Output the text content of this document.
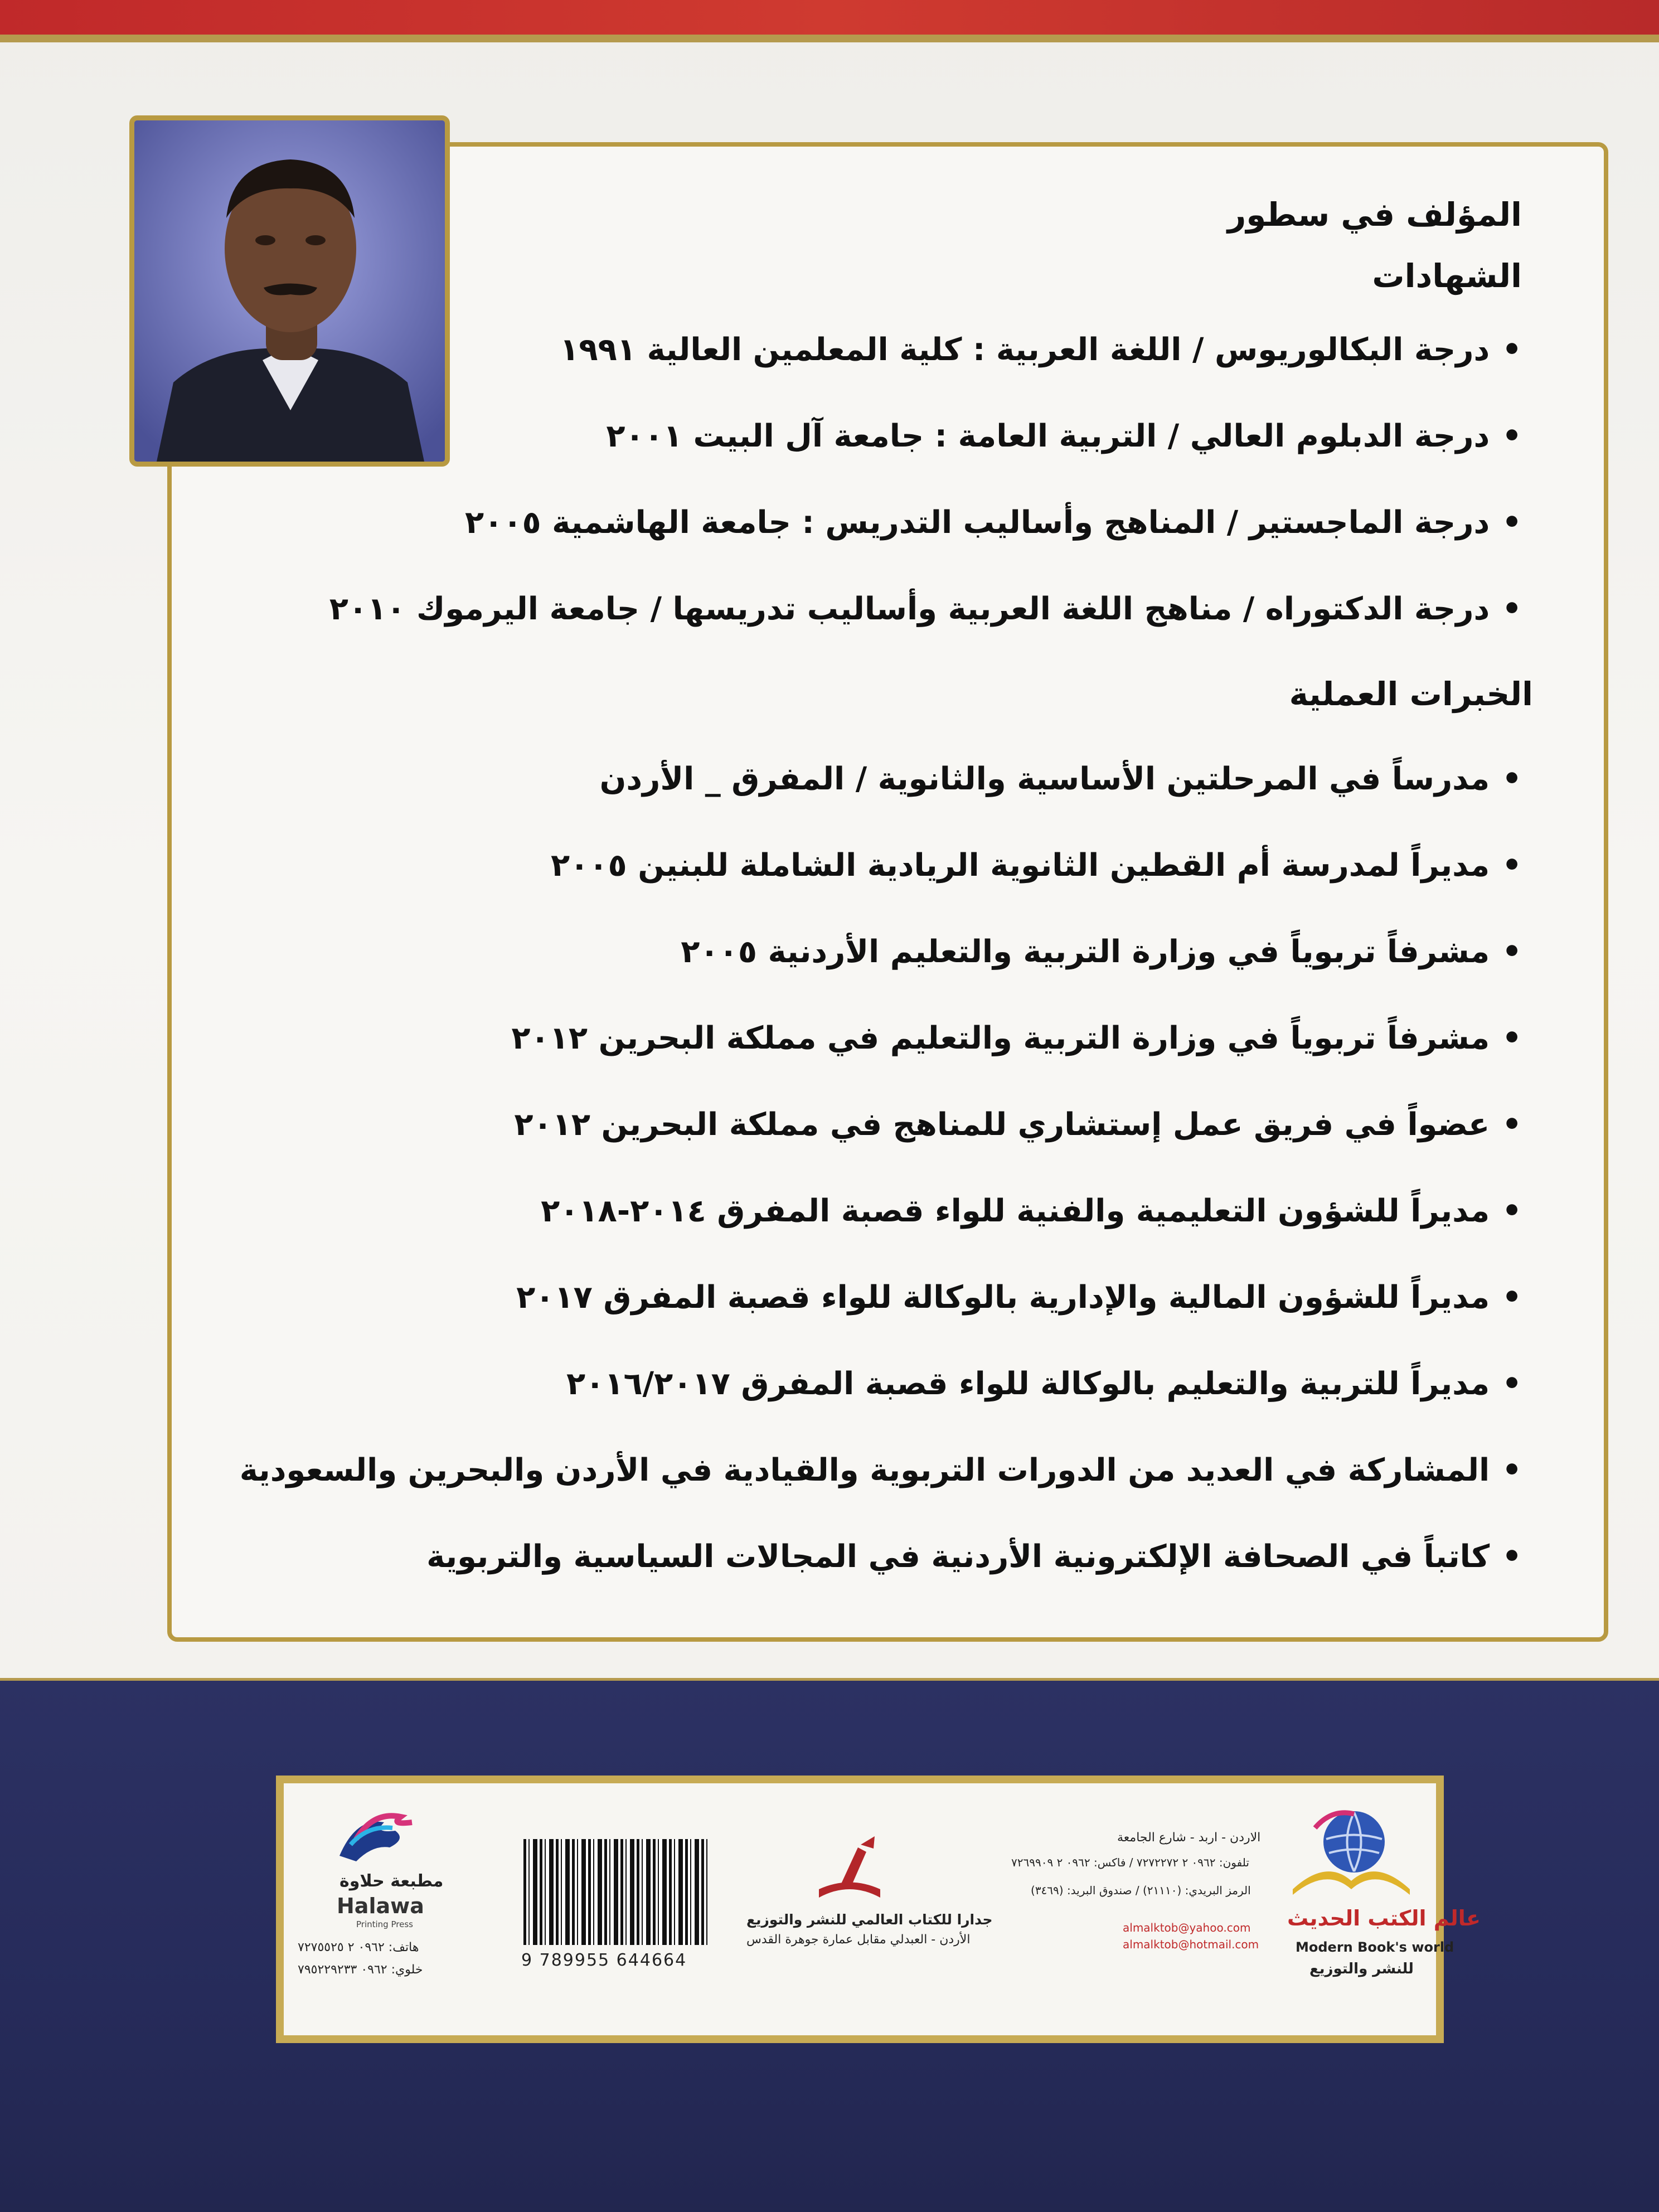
المؤلف في سطور
الشهادات
•درجة البكالوريوس / اللغة العربية : كلية المعلمين العالية ١٩٩١
•درجة الدبلوم العالي / التربية العامة : جامعة آل البيت ٢٠٠١
•درجة الماجستير / المناهج وأساليب التدريس : جامعة الهاشمية ٢٠٠٥
•درجة الدكتوراه / مناهج اللغة العربية وأساليب تدريسها / جامعة اليرموك ٢٠١٠
الخبرات العملية
•مدرساً في المرحلتين الأساسية والثانوية / المفرق _ الأردن
•مديراً لمدرسة أم القطين الثانوية الريادية الشاملة للبنين ٢٠٠٥
•مشرفاً تربوياً في وزارة التربية والتعليم الأردنية ٢٠٠٥
•مشرفاً تربوياً في وزارة التربية والتعليم في مملكة البحرين ٢٠١٢
•عضواً في فريق عمل إستشاري للمناهج في مملكة البحرين ٢٠١٢
•مديراً للشؤون التعليمية والفنية للواء قصبة المفرق ٢٠١٤-٢٠١٨
•مديراً للشؤون المالية والإدارية بالوكالة للواء قصبة المفرق ٢٠١٧
•مديراً للتربية والتعليم بالوكالة للواء قصبة المفرق ٢٠١٦/٢٠١٧
•المشاركة في العديد من الدورات التربوية والقيادية في الأردن والبحرين والسعودية
•كاتباً في الصحافة الإلكترونية الأردنية في المجالات السياسية والتربوية
مطبعة حلاوة
Halawa
Printing Press
هاتف: ٠٩٦٢ ٢ ٧٢٧٥٥٢٥
خلوي: ٠٩٦٢ ٧٩٥٢٢٩٢٣٣	9 789955 644664
جدارا للكتاب العالمي للنشر والتوزيع
الأردن - العبدلي مقابل عمارة جوهرة القدس
الاردن - اربد - شارع الجامعة
تلفون: ٠٩٦٢ ٢ ٧٢٧٢٢٧٢ / فاكس: ٠٩٦٢ ٢ ٧٢٦٩٩٠٩
الرمز البريدي: (٢١١١٠) / صندوق البريد: (٣٤٦٩)
almalktob@yahoo.com
almalktob@hotmail.com
عالم الكتب الحديث
Modern Book's world
للنشر والتوزيع
